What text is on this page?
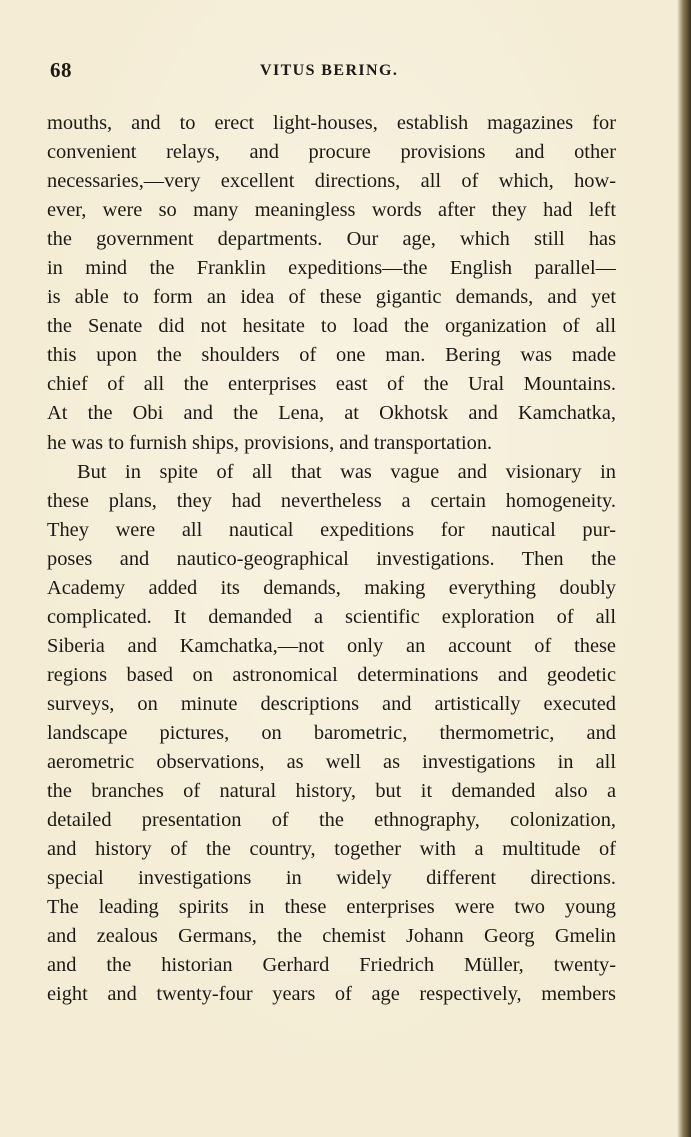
68	VITUS BERING.
mouths, and to erect light-houses, establish magazines for
convenient relays, and procure provisions and other
necessaries,—very excellent directions, all of which, how-
ever, were so many meaningless words after they had left
the government departments. Our age, which still has
in mind the Franklin expeditions—the English parallel—
is able to form an idea of these gigantic demands, and yet
the Senate did not hesitate to load the organization of all
this upon the shoulders of one man. Bering was made
chief of all the enterprises east of the Ural Mountains.
At the Obi and the Lena, at Okhotsk and Kamchatka,
he was to furnish ships, provisions, and transportation.
But in spite of all that was vague and visionary in
these plans, they had nevertheless a certain homogeneity.
They were all nautical expeditions for nautical pur-
poses and nautico-geographical investigations. Then the
Academy added its demands, making everything doubly
complicated. It demanded a scientific exploration of all
Siberia and Kamchatka,—not only an account of these
regions based on astronomical determinations and geodetic
surveys, on minute descriptions and artistically executed
landscape pictures, on barometric, thermometric, and
aerometric observations, as well as investigations in all
the branches of natural history, but it demanded also a
detailed presentation of the ethnography, colonization,
and history of the country, together with a multitude of
special investigations in widely different directions.
The leading spirits in these enterprises were two young
and zealous Germans, the chemist Johann Georg Gmelin
and the historian Gerhard Friedrich Müller, twenty-
eight and twenty-four years of age respectively, members
